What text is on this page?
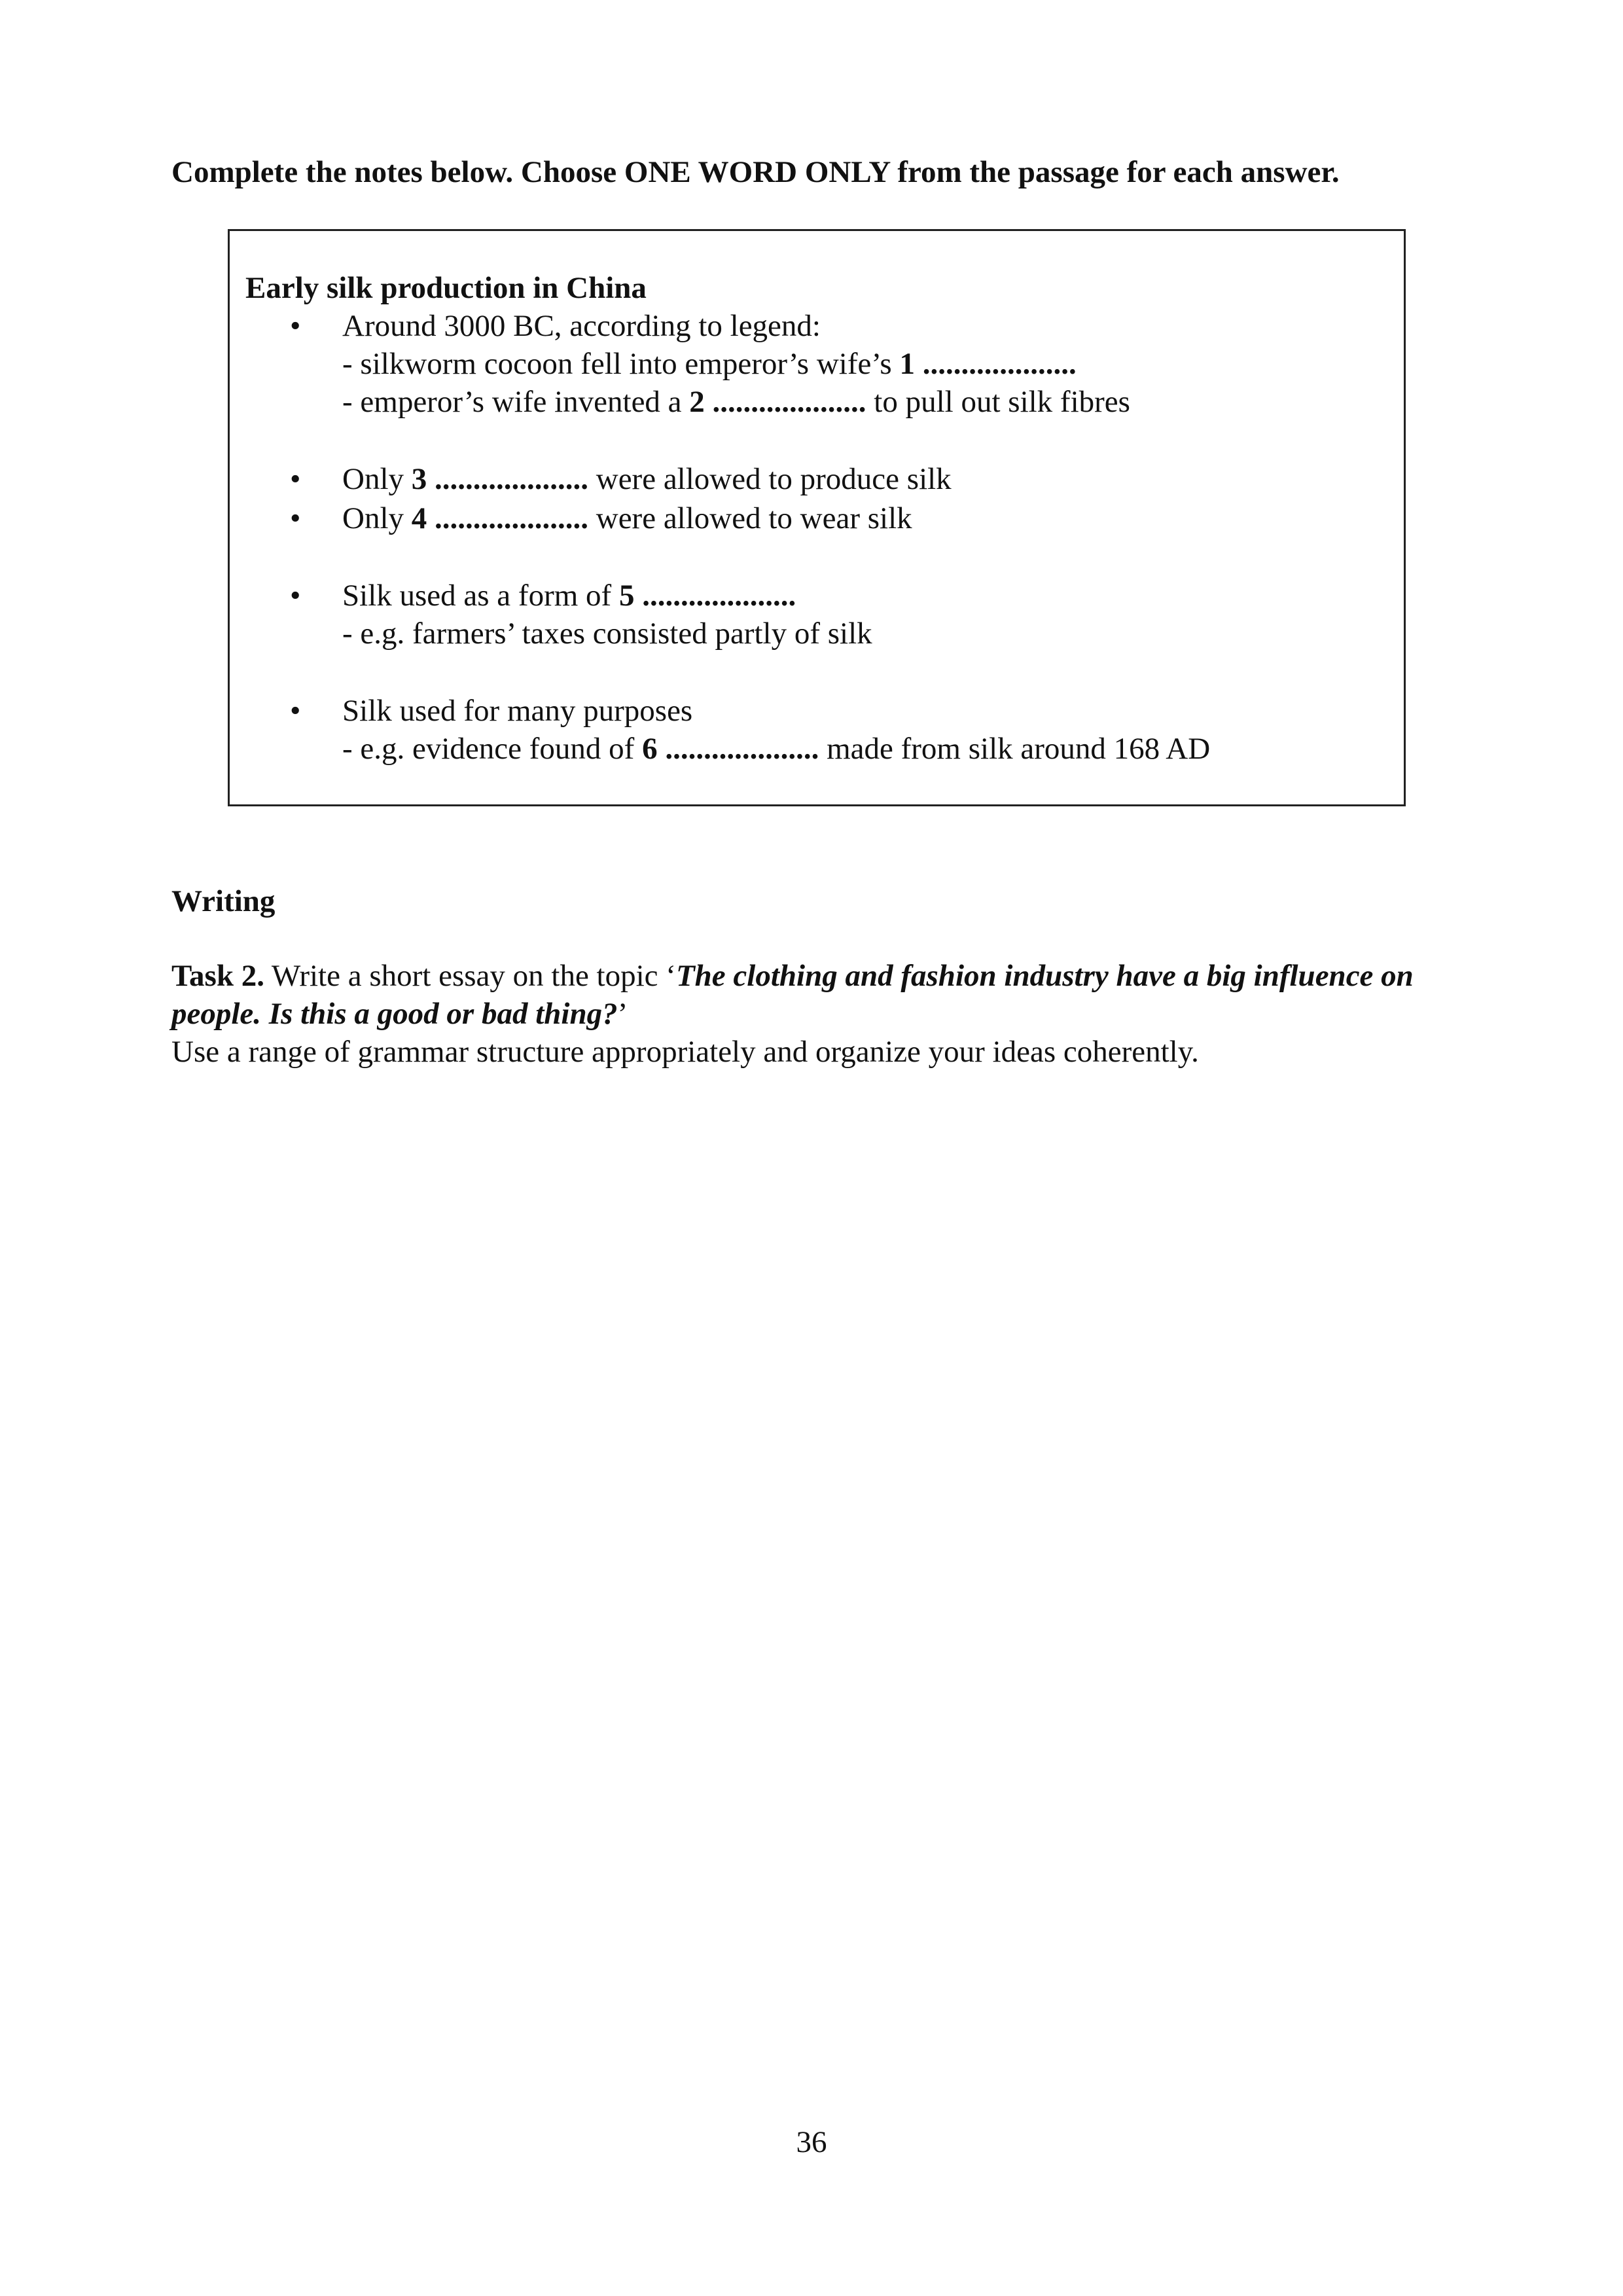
Complete the notes below. Choose ONE WORD ONLY from the passage for each answer.
Early silk production in China
• Around 3000 BC, according to legend:
- silkworm cocoon fell into emperor’s wife’s 1 ....................
- emperor’s wife invented a 2 .................... to pull out silk fibres
• Only 3 .................... were allowed to produce silk
• Only 4 .................... were allowed to wear silk
• Silk used as a form of 5 ....................
- e.g. farmers’ taxes consisted partly of silk
• Silk used for many purposes
- e.g. evidence found of 6 .................... made from silk around 168 AD
Writing
Task 2. Write a short essay on the topic ‘The clothing and fashion industry have a big influence on people. Is this a good or bad thing?’
Use a range of grammar structure appropriately and organize your ideas coherently.
36
